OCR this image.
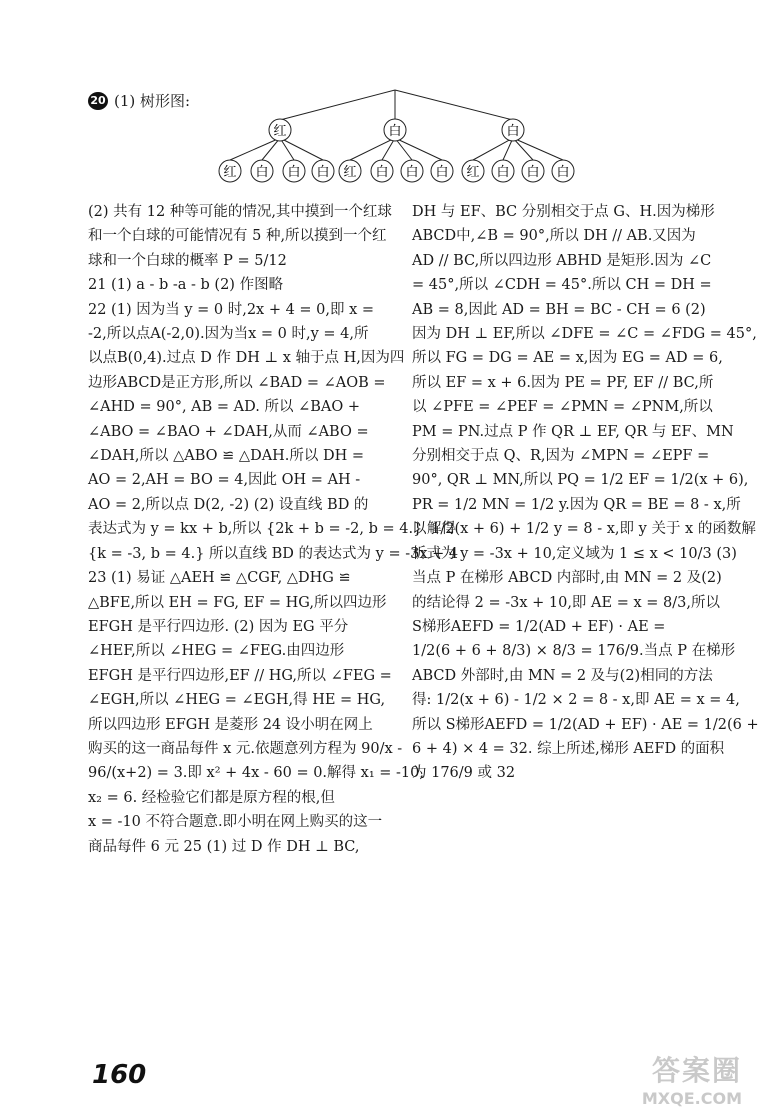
20 (1) 树形图:
红	白	白
红 白 白 白 红 白 白 白 红 白 白 白
(2) 共有 12 种等可能的情况,其中摸到一个红球
和一个白球的可能情况有 5 种,所以摸到一个红
球和一个白球的概率 P = 5/12
21 (1) a - b -a - b (2) 作图略
22 (1) 因为当 y = 0 时,2x + 4 = 0,即 x =
-2,所以点A(-2,0).因为当x = 0 时,y = 4,所
以点B(0,4).过点 D 作 DH ⊥ x 轴于点 H,因为四
边形ABCD是正方形,所以 ∠BAD = ∠AOB =
∠AHD = 90°, AB = AD. 所以 ∠BAO +
∠ABO = ∠BAO + ∠DAH,从而 ∠ABO =
∠DAH,所以 △ABO ≌ △DAH.所以 DH =
AO = 2,AH = BO = 4,因此 OH = AH -
AO = 2,所以点 D(2, -2) (2) 设直线 BD 的
表达式为 y = kx + b,所以 {2k + b = -2, b = 4.} 解得
{k = -3, b = 4.} 所以直线 BD 的表达式为 y = -3x + 4
23 (1) 易证 △AEH ≌ △CGF, △DHG ≌
△BFE,所以 EH = FG, EF = HG,所以四边形
EFGH 是平行四边形. (2) 因为 EG 平分
∠HEF,所以 ∠HEG = ∠FEG.由四边形
EFGH 是平行四边形,EF // HG,所以 ∠FEG =
∠EGH,所以 ∠HEG = ∠EGH,得 HE = HG,
所以四边形 EFGH 是菱形 24 设小明在网上
购买的这一商品每件 x 元.依题意列方程为 90/x -
96/(x+2) = 3.即 x² + 4x - 60 = 0.解得 x₁ = -10,
x₂ = 6. 经检验它们都是原方程的根,但
x = -10 不符合题意.即小明在网上购买的这一
商品每件 6 元 25 (1) 过 D 作 DH ⊥ BC,
DH 与 EF、BC 分别相交于点 G、H.因为梯形
ABCD中,∠B = 90°,所以 DH // AB.又因为
AD // BC,所以四边形 ABHD 是矩形.因为 ∠C
= 45°,所以 ∠CDH = 45°.所以 CH = DH =
AB = 8,因此 AD = BH = BC - CH = 6 (2)
因为 DH ⊥ EF,所以 ∠DFE = ∠C = ∠FDG = 45°,
所以 FG = DG = AE = x,因为 EG = AD = 6,
所以 EF = x + 6.因为 PE = PF, EF // BC,所
以 ∠PFE = ∠PEF = ∠PMN = ∠PNM,所以
PM = PN.过点 P 作 QR ⊥ EF, QR 与 EF、MN
分别相交于点 Q、R,因为 ∠MPN = ∠EPF =
90°, QR ⊥ MN,所以 PQ = 1/2 EF = 1/2(x + 6),
PR = 1/2 MN = 1/2 y.因为 QR = BE = 8 - x,所
以 1/2(x + 6) + 1/2 y = 8 - x,即 y 关于 x 的函数解
析式为 y = -3x + 10,定义域为 1 ≤ x < 10/3 (3)
当点 P 在梯形 ABCD 内部时,由 MN = 2 及(2)
的结论得 2 = -3x + 10,即 AE = x = 8/3,所以
S梯形AEFD = 1/2(AD + EF) · AE =
1/2(6 + 6 + 8/3) × 8/3 = 176/9.当点 P 在梯形
ABCD 外部时,由 MN = 2 及与(2)相同的方法
得: 1/2(x + 6) - 1/2 × 2 = 8 - x,即 AE = x = 4,
所以 S梯形AEFD = 1/2(AD + EF) · AE = 1/2(6 +
6 + 4) × 4 = 32. 综上所述,梯形 AEFD 的面积
为 176/9 或 32
160	答案圈
MXQE.COM
